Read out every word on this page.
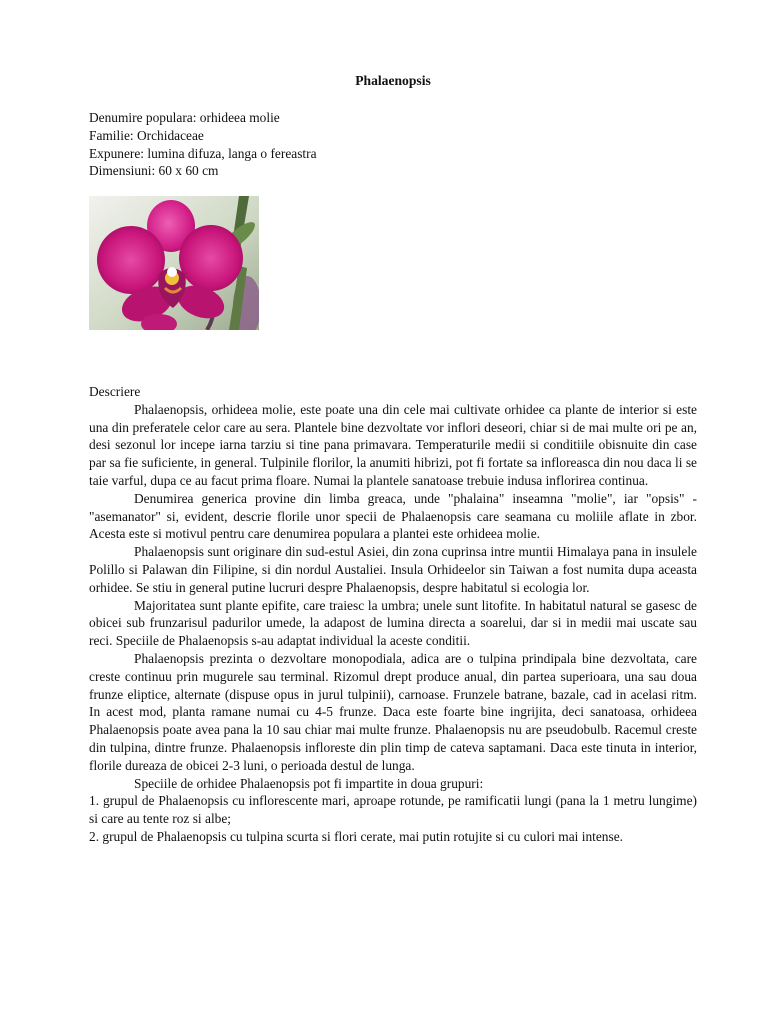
Phalaenopsis
Denumire populara: orhideea molie
Familie: Orchidaceae
Expunere: lumina difuza, langa o fereastra
Dimensiuni: 60 x 60 cm

Descriere

Phalaenopsis, orhideea molie, este poate una din cele mai cultivate orhidee ca plante de interior si este una din preferatele celor care au sera. Plantele bine dezvoltate vor inflori deseori, chiar si de mai multe ori pe an, desi sezonul lor incepe iarna tarziu si tine pana primavara. Temperaturile medii si conditiile obisnuite din case par sa fie suficiente, in general. Tulpinile florilor, la anumiti hibrizi, pot fi fortate sa infloreasca din nou daca li se taie varful, dupa ce au facut prima floare. Numai la plantele sanatoase trebuie indusa inflorirea continua.

Denumirea generica provine din limba greaca, unde "phalaina" inseamna "molie", iar "opsis" - "asemanator" si, evident, descrie florile unor specii de Phalaenopsis care seamana cu moliile aflate in zbor. Acesta este si motivul pentru care denumirea populara a plantei este orhideea molie.

Phalaenopsis sunt originare din sud-estul Asiei, din zona cuprinsa intre muntii Himalaya pana in insulele Polillo si Palawan din Filipine, si din nordul Austaliei. Insula Orhideelor sin Taiwan a fost numita dupa aceasta orhidee. Se stiu in general putine lucruri despre Phalaenopsis, despre habitatul si ecologia lor.

Majoritatea sunt plante epifite, care traiesc la umbra; unele sunt litofite. In habitatul natural se gasesc de obicei sub frunzarisul padurilor umede, la adapost de lumina directa a soarelui, dar si in medii mai uscate sau reci. Speciile de Phalaenopsis s-au adaptat individual la aceste conditii.

Phalaenopsis prezinta o dezvoltare monopodiala, adica are o tulpina prindipala bine dezvoltata, care creste continuu prin mugurele sau terminal. Rizomul drept produce anual, din partea superioara, una sau doua frunze eliptice, alternate (dispuse opus in jurul tulpinii), carnoase. Frunzele batrane, bazale, cad in acelasi ritm. In acest mod, planta ramane numai cu 4-5 frunze. Daca este foarte bine ingrijita, deci sanatoasa, orhideea Phalaenopsis poate avea pana la 10 sau chiar mai multe frunze. Phalaenopsis nu are pseudobulb. Racemul creste din tulpina, dintre frunze. Phalaenopsis infloreste din plin timp de cateva saptamani. Daca este tinuta in interior, florile dureaza de obicei 2-3 luni, o perioada destul de lunga.

Speciile de orhidee Phalaenopsis pot fi impartite in doua grupuri:

1. grupul de Phalaenopsis cu inflorescente mari, aproape rotunde, pe ramificatii lungi (pana la 1 metru lungime) si care au tente roz si albe;

2. grupul de Phalaenopsis cu tulpina scurta si flori cerate, mai putin rotujite si cu culori mai intense.
